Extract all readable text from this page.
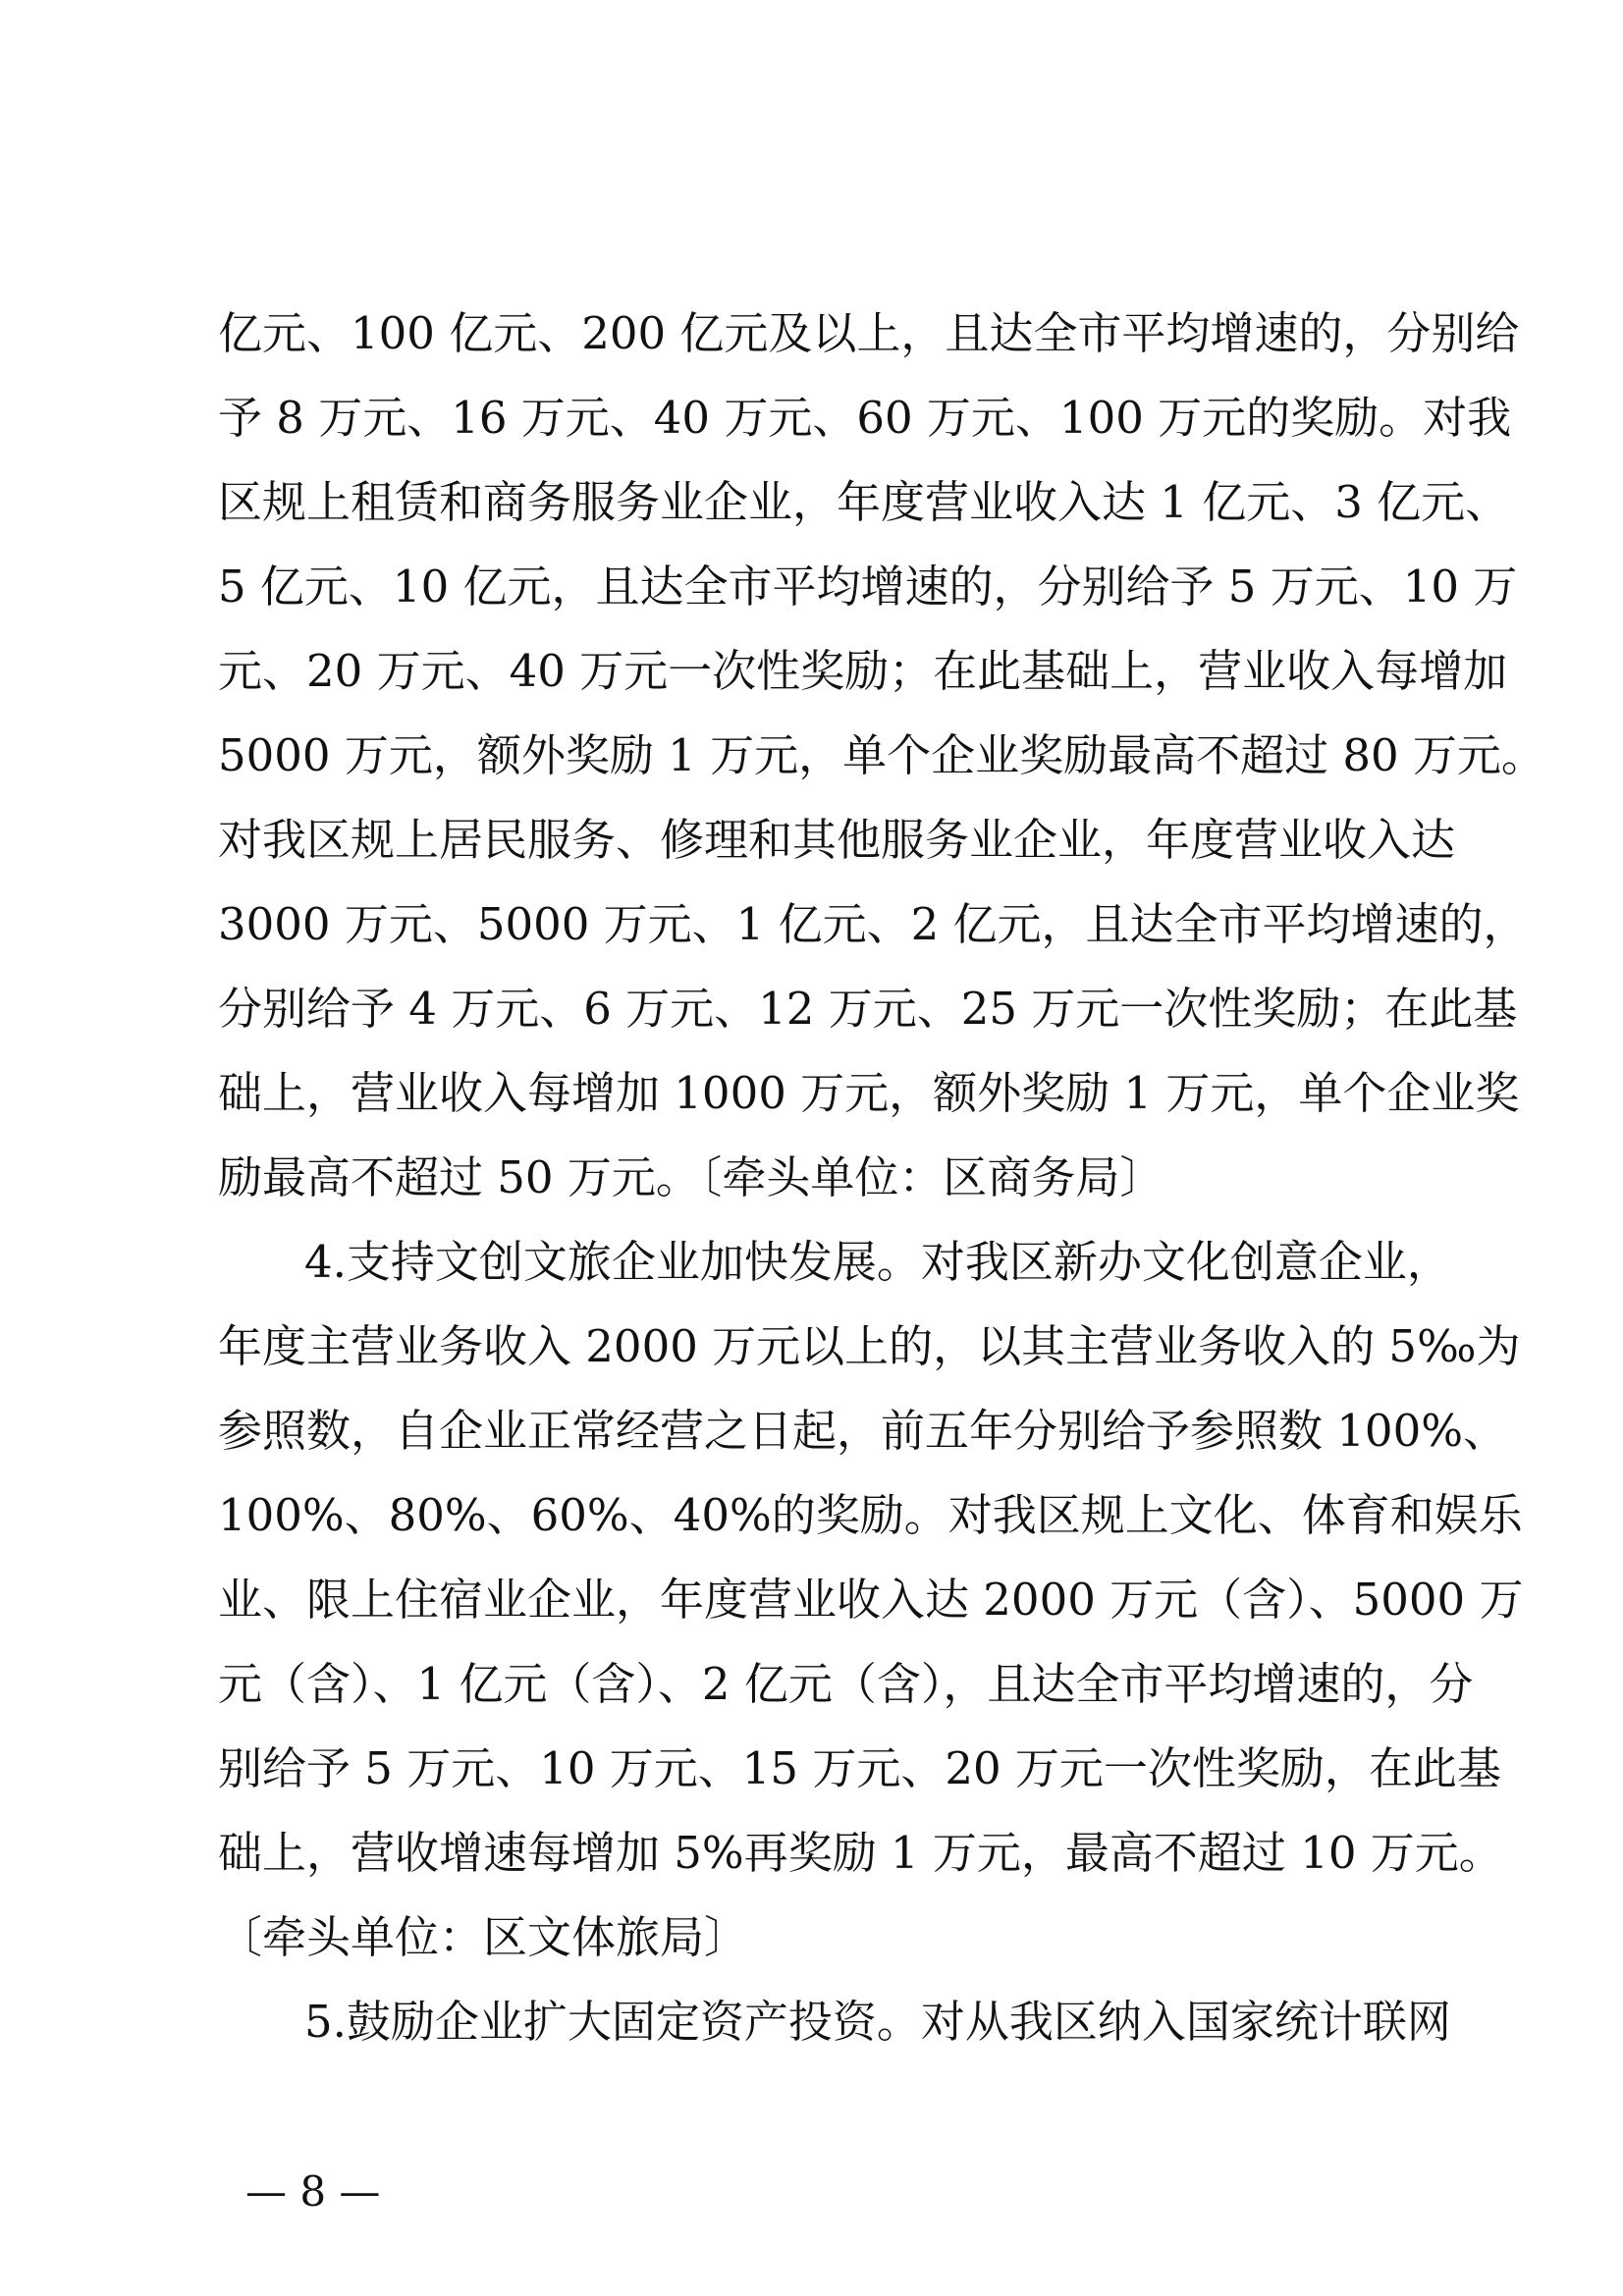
亿元、100 亿元、200 亿元及以上，且达全市平均增速的，分别给
予 8 万元、16 万元、40 万元、60 万元、100 万元的奖励。对我
区规上租赁和商务服务业企业，年度营业收入达 1 亿元、3 亿元、
5 亿元、10 亿元，且达全市平均增速的，分别给予 5 万元、10 万
元、20 万元、40 万元一次性奖励；在此基础上，营业收入每增加
5000 万元，额外奖励 1 万元，单个企业奖励最高不超过 80 万元。
对我区规上居民服务、修理和其他服务业企业，年度营业收入达
3000 万元、5000 万元、1 亿元、2 亿元，且达全市平均增速的，
分别给予 4 万元、6 万元、12 万元、25 万元一次性奖励；在此基
础上，营业收入每增加 1000 万元，额外奖励 1 万元，单个企业奖
励最高不超过 50 万元。〔牵头单位：区商务局〕
4.支持文创文旅企业加快发展。对我区新办文化创意企业，
年度主营业务收入 2000 万元以上的，以其主营业务收入的 5‰为
参照数，自企业正常经营之日起，前五年分别给予参照数 100%、
100%、80%、60%、40%的奖励。对我区规上文化、体育和娱乐
业、限上住宿业企业，年度营业收入达 2000 万元（含）、5000 万
元（含）、1 亿元（含）、2 亿元（含），且达全市平均增速的，分
别给予 5 万元、10 万元、15 万元、20 万元一次性奖励，在此基
础上，营收增速每增加 5%再奖励 1 万元，最高不超过 10 万元。
〔牵头单位：区文体旅局〕
5.鼓励企业扩大固定资产投资。对从我区纳入国家统计联网
— 8 —
